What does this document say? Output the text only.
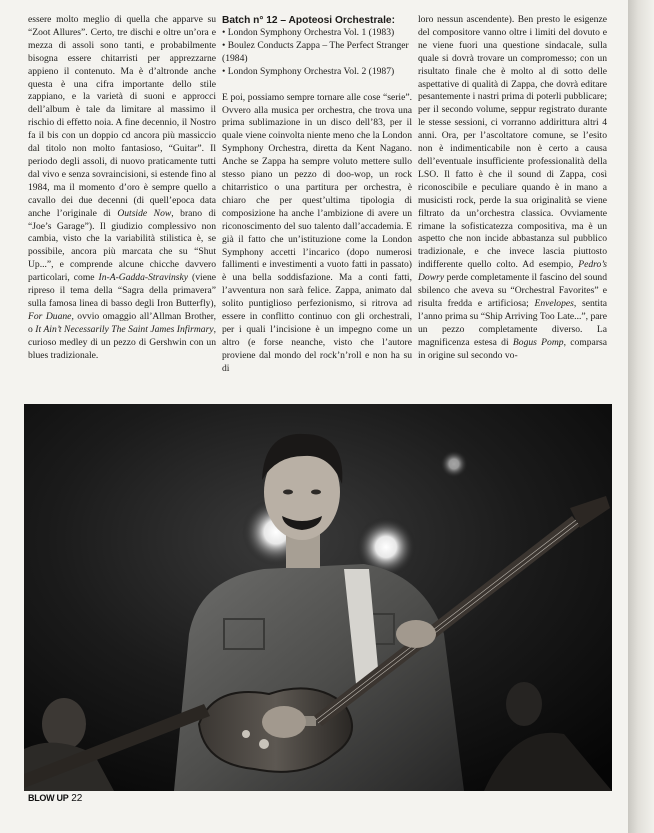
essere molto meglio di quella che apparve su “Zoot Allures”. Certo, tre dischi e oltre un’ora e mezza di assoli sono tanti, e probabilmente bisogna essere chitarristi per apprezzarne appieno il contenuto. Ma è d’altronde anche questa è una cifra importante dello stile zappiano, e la varietà di suoni e approcci dell’album è tale da limitare al massimo il rischio di effetto noia. A fine decennio, il Nostro fa il bis con un doppio cd ancora più massiccio dal titolo non molto fantasioso, “Guitar”. Il periodo degli assoli, di nuovo praticamente tutti dal vivo e senza sovraincisioni, si estende fino al 1984, ma il momento d’oro è sempre quello a cavallo dei due decenni (di quell’epoca data anche l’originale di Outside Now, brano di “Joe’s Garage”). Il giudizio complessivo non cambia, visto che la variabilità stilistica è, se possibile, ancora più marcata che su “Shut Up...”, e comprende alcune chicche davvero particolari, come In-A-Gadda-Stravinsky (viene ripreso il tema della “Sagra della primavera” sulla famosa linea di basso degli Iron Butterfly), For Duane, ovvio omaggio all’Allman Brother, o It Ain’t Necessarily The Saint James Infirmary, curioso medley di un pezzo di Gershwin con un blues tradizionale.

Batch n° 12 – Apoteosi Orchestrale:

• London Symphony Orchestra Vol. 1 (1983)

• Boulez Conducts Zappa – The Perfect Stranger (1984)

• London Symphony Orchestra Vol. 2 (1987)

E poi, possiamo sempre tornare alle cose “serie”. Ovvero alla musica per orchestra, che trova una prima sublimazione in un disco dell’83, per il quale viene coinvolta niente meno che la London Symphony Orchestra, diretta da Kent Nagano. Anche se Zappa ha sempre voluto mettere sullo stesso piano un pezzo di doo-wop, un rock chitarristico o una partitura per orchestra, è chiaro che per quest’ultima tipologia di composizione ha anche l’ambizione di avere un riconoscimento del suo talento dall’accademia. E già il fatto che un’istituzione come la London Symphony accetti l’incarico (dopo numerosi fallimenti e investimenti a vuoto fatti in passato) è una bella soddisfazione. Ma a conti fatti, l’avventura non sarà felice. Zappa, animato dal solito puntiglioso perfezionismo, si ritrova ad essere in conflitto continuo con gli orchestrali, per i quali l’incisione è un impegno come un altro (e forse neanche, visto che l’autore proviene dal mondo del rock’n’roll e non ha su di

loro nessun ascendente). Ben presto le esigenze del compositore vanno oltre i limiti del dovuto e ne viene fuori una questione sindacale, sulla quale si dovrà trovare un compromesso; con un risultato finale che è molto al di sotto delle aspettative di qualità di Zappa, che dovrà editare pesantemente i nastri prima di poterli pubblicare; per il secondo volume, seppur registrato durante le stesse sessioni, ci vorranno addirittura altri 4 anni. Ora, per l’ascoltatore comune, se l’esito non è indimenticabile non è certo a causa dell’eventuale insufficiente professionalità della LSO. Il fatto è che il sound di Zappa, così riconoscibile e peculiare quando è in mano a musicisti rock, perde la sua originalità se viene filtrato da un’orchestra classica. Ovviamente rimane la sofisticatezza compositiva, ma è un aspetto che non incide abbastanza sul pubblico tradizionale, e che invece lascia piuttosto indifferente quello colto. Ad esempio, Pedro’s Dowry perde completamente il fascino del sound sbilenco che aveva su “Orchestral Favorites” e risulta fredda e artificiosa; Envelopes, sentita l’anno prima su “Ship Arriving Too Late...”, pare un pezzo completamente diverso. La magnificenza estesa di Bogus Pomp, comparsa in origine sul secondo vo-

BLOW UP 22
